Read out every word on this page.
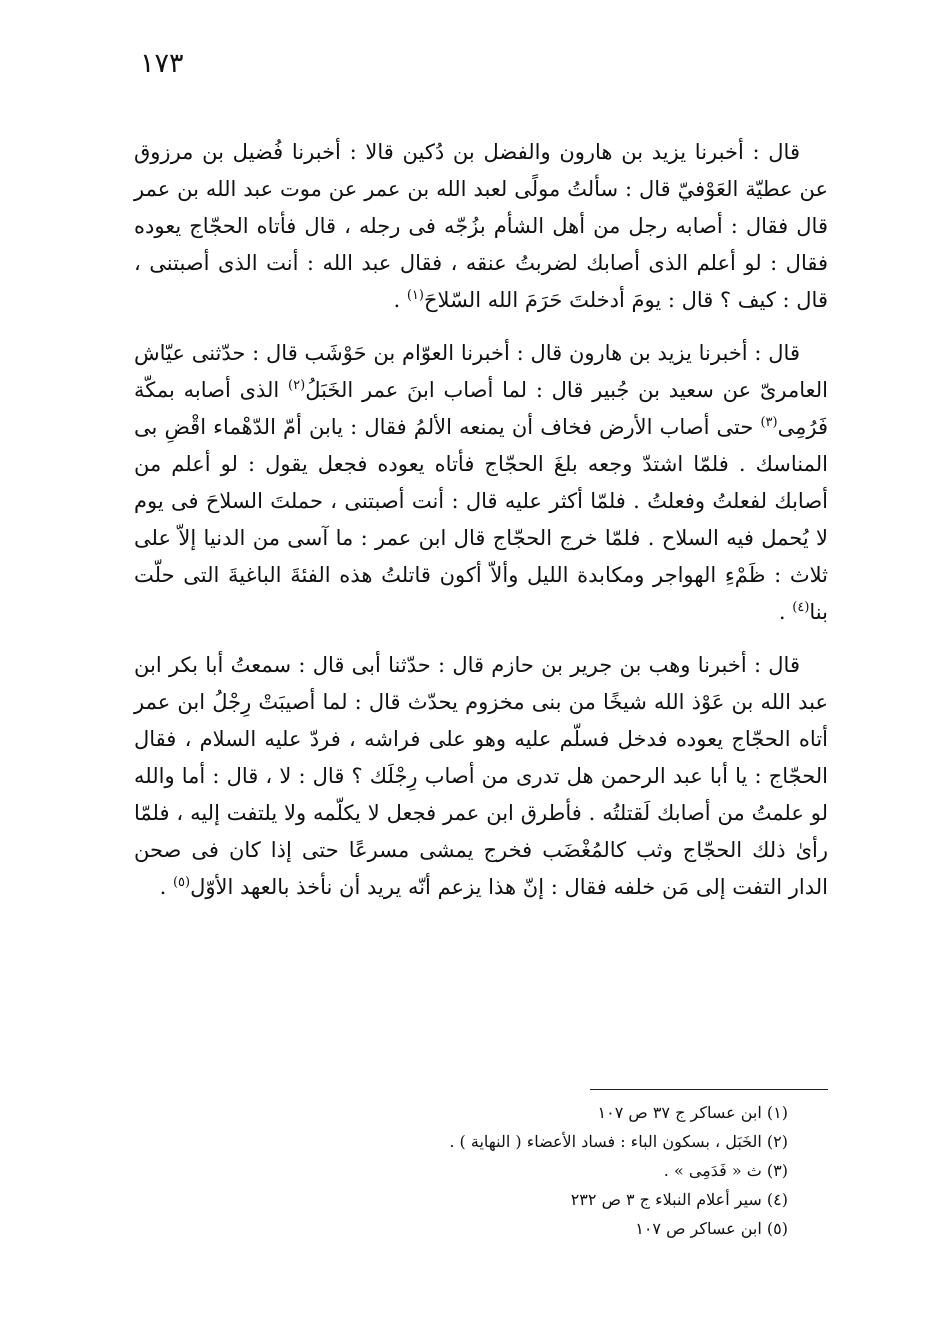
١٧٣

قال : أخبرنا يزيد بن هارون والفضل بن دُكين قالا : أخبرنا فُضيل بن مرزوق عن عطيّة العَوْفيّ قال : سألتُ مولًى لعبد الله بن عمر عن موت عبد الله بن عمر قال فقال : أصابه رجل من أهل الشأم بزُجّه فى رجله ، قال فأتاه الحجّاج يعوده فقال : لو أعلم الذى أصابك لضربتُ عنقه ، فقال عبد الله : أنت الذى أصبتنى ، قال : كيف ؟ قال : يومَ أدخلتَ حَرَمَ الله السّلاحَ$^{(١)}$ .

قال : أخبرنا يزيد بن هارون قال : أخبرنا العوّام بن حَوْشَب قال : حدّثنى عيّاش العامرىّ عن سعيد بن جُبير قال : لما أصاب ابنَ عمر الخَبَلُ$^{(٢)}$ الذى أصابه بمكّة فَرُمِى$^{(٣)}$ حتى أصاب الأرض فخاف أن يمنعه الألمُ فقال : يابن أمّ الدّهْماء اقْضِ بى المناسك . فلمّا اشتدّ وجعه بلغَ الحجّاج فأتاه يعوده فجعل يقول : لو أعلم من أصابك لفعلتُ وفعلتُ . فلمّا أكثر عليه قال : أنت أصبتنى ، حملتَ السلاحَ فى يوم لا يُحمل فيه السلاح . فلمّا خرج الحجّاج قال ابن عمر : ما آسى من الدنيا إلاّ على ثلاث : ظَمْءِ الهواجر ومكابدة الليل وألاّ أكون قاتلتُ هذه الفئةَ الباغيةَ التى حلّت بنا$^{(٤)}$ .

قال : أخبرنا وهب بن جرير بن حازم قال : حدّثنا أبى قال : سمعتُ أبا بكر ابن عبد الله بن عَوْذ الله شيخًا من بنى مخزوم يحدّث قال : لما أصيبَتْ رِجْلُ ابن عمر أتاه الحجّاج يعوده فدخل فسلّم عليه وهو على فراشه ، فردّ عليه السلام ، فقال الحجّاج : يا أبا عبد الرحمن هل تدرى من أصاب رِجْلَك ؟ قال : لا ، قال : أما والله لو علمتُ من أصابك لَقتلتُه . فأطرق ابن عمر فجعل لا يكلّمه ولا يلتفت إليه ، فلمّا رأىٰ ذلك الحجّاج وثب كالمُغْضَب فخرج يمشى مسرعًا حتى إذا كان فى صحن الدار التفت إلى مَن خلفه فقال : إنّ هذا يزعم أنّه يريد أن نأخذ بالعهد الأوّل$^{(٥)}$ .

(١) ابن عساكر ج ٣٧ ص ١٠٧
(٢) الخَبَل ، بسكون الباء : فساد الأعضاء ( النهاية ) .
(٣) ث « فَدَمِى » .
(٤) سير أعلام النبلاء ج ٣ ص ٢٣٢
(٥) ابن عساكر ص ١٠٧
